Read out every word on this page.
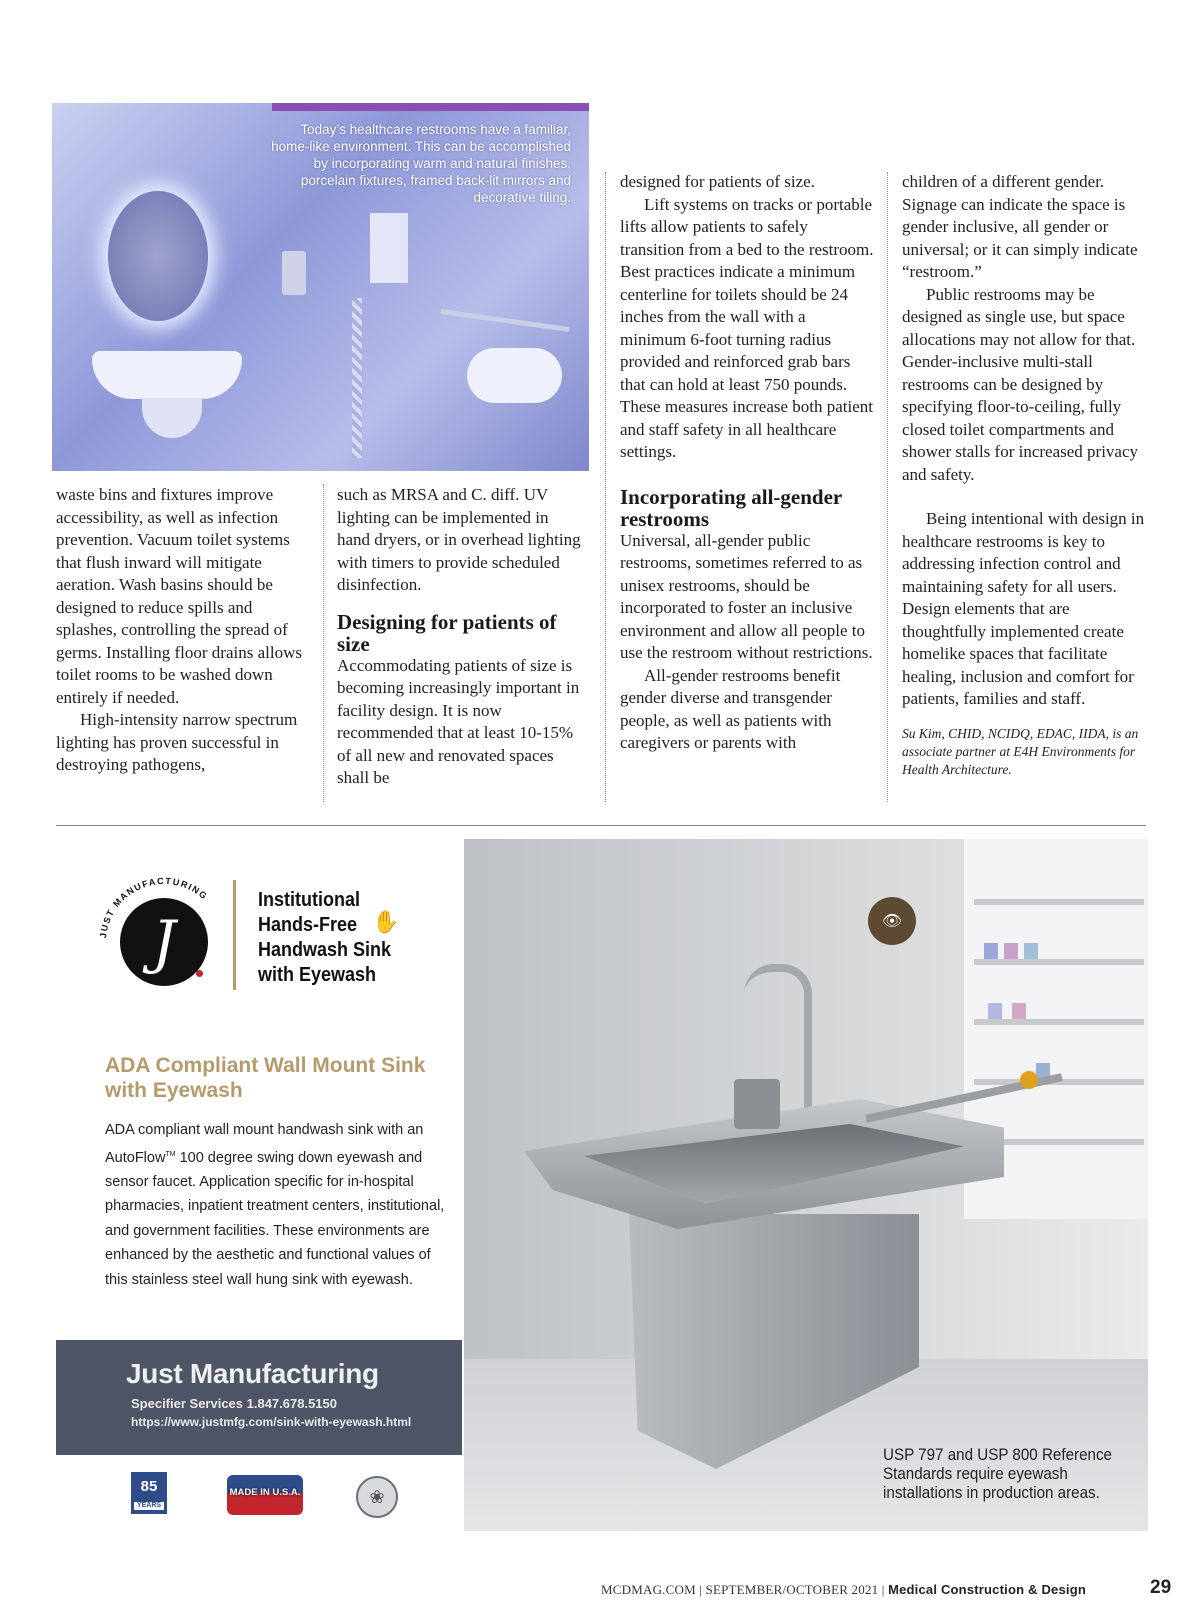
Today’s healthcare restrooms have a familiar, home-like environment. This can be accomplished by incorporating warm and natural finishes, porcelain fixtures, framed back-lit mirrors and decorative tiling.

waste bins and fixtures improve accessibility, as well as infection prevention. Vacuum toilet systems that flush inward will mitigate aeration. Wash basins should be designed to reduce spills and splashes, controlling the spread of germs. Installing floor drains allows toilet rooms to be washed down entirely if needed.

High-intensity narrow spectrum lighting has proven successful in destroying pathogens,

such as MRSA and C. diff. UV lighting can be implemented in hand dryers, or in overhead lighting with timers to provide scheduled disinfection.

Designing for patients of size

Accommodating patients of size is becoming increasingly important in facility design. It is now recommended that at least 10-15% of all new and renovated spaces shall be

designed for patients of size.

Lift systems on tracks or portable lifts allow patients to safely transition from a bed to the restroom. Best practices indicate a minimum centerline for toilets should be 24 inches from the wall with a minimum 6-foot turning radius provided and reinforced grab bars that can hold at least 750 pounds. These measures increase both patient and staff safety in all healthcare settings.

Incorporating all-gender restrooms

Universal, all-gender public restrooms, sometimes referred to as unisex restrooms, should be incorporated to foster an inclusive environment and allow all people to use the restroom without restrictions.

All-gender restrooms benefit gender diverse and transgender people, as well as patients with caregivers or parents with

children of a different gender. Signage can indicate the space is gender inclusive, all gender or universal; or it can simply indicate “restroom.”

Public restrooms may be designed as single use, but space allocations may not allow for that. Gender-inclusive multi-stall restrooms can be designed by specifying floor-to-ceiling, fully closed toilet compartments and shower stalls for increased privacy and safety.

Being intentional with design in healthcare restrooms is key to addressing infection control and maintaining safety for all users. Design elements that are thoughtfully implemented create homelike spaces that facilitate healing, inclusion and comfort for patients, families and staff.

Su Kim, CHID, NCIDQ, EDAC, IIDA, is an associate partner at E4H Environments for Health Architecture.

JUST MANUFACTURING
J
Institutional
Hands-Free
Handwash Sink
with Eyewash
✋
ADA Compliant Wall Mount Sink with Eyewash
ADA compliant wall mount handwash sink with an AutoFlow™ 100 degree swing down eyewash and sensor faucet. Application specific for in-hospital pharmacies, inpatient treatment centers, institutional, and government facilities. These environments are enhanced by the aesthetic and functional values of this stainless steel wall hung sink with eyewash.
Just Manufacturing
Specifier Services 1.847.678.5150
https://www.justmfg.com/sink-with-eyewash.html
85
YEARS
MADE IN U.S.A.	❀
👁
USP 797 and USP 800 Reference Standards require eyewash installations in production areas.
MCDMAG.COM | SEPTEMBER/OCTOBER 2021 | Medical Construction & Design	29
